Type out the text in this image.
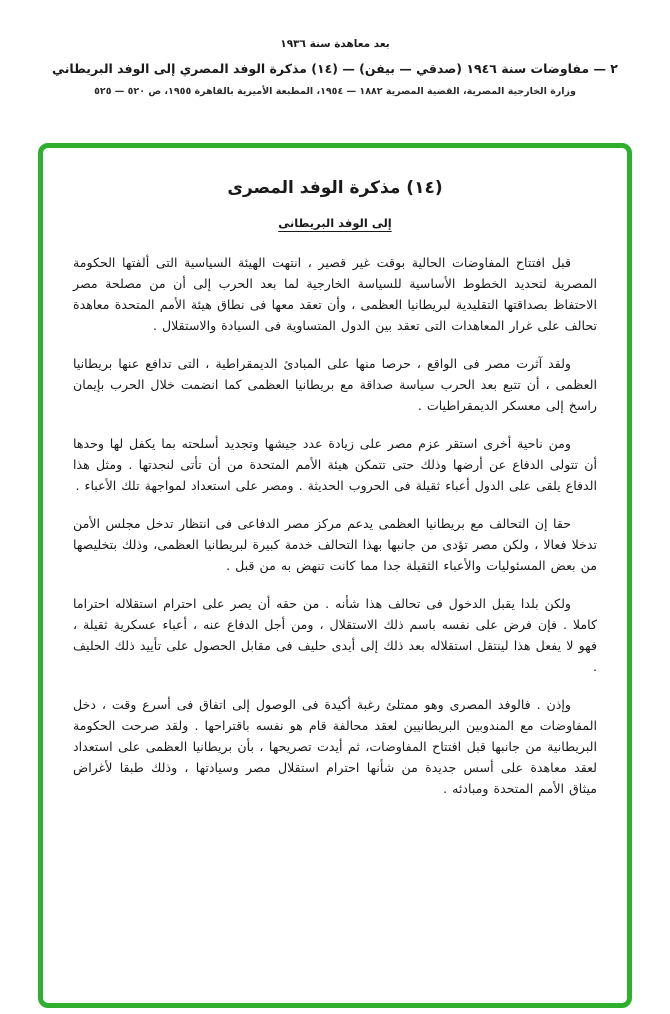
بعد معاهدة سنة ١٩٣٦
٢ — مفاوضات سنة ١٩٤٦ (صدقي — بيفن) — (١٤) مذكرة الوفد المصري إلى الوفد البريطاني
وزارة الخارجية المصرية، القضية المصرية ١٨٨٢ — ١٩٥٤، المطبعة الأميرية بالقاهرة ١٩٥٥، ص ٥٢٠ — ٥٢٥
(١٤) مذكرة الوفد المصرى
إلى الوفد البريطانى

قبل افتتاح المفاوضات الحالية بوقت غير قصير ، انتهت الهيئة السياسية التى ألفتها الحكومة المصرية لتحديد الخطوط الأساسية للسياسة الخارجية لما بعد الحرب إلى أن من مصلحة مصر الاحتفاظ بصداقتها التقليدية لبريطانيا العظمى ، وأن تعقد معها فى نطاق هيئة الأمم المتحدة معاهدة تحالف على غرار المعاهدات التى تعقد بين الدول المتساوية فى السيادة والاستقلال .

ولقد آثرت مصر فى الواقع ، حرصا منها على المبادئ الديمقراطية ، التى تدافع عنها بريطانيا العظمى ، أن تتبع بعد الحرب سياسة صداقة مع بريطانيا العظمى كما انضمت خلال الحرب بإيمان راسخ إلى معسكر الديمقراطيات .

ومن ناحية أخرى استقر عزم مصر على زيادة عدد جيشها وتجديد أسلحته بما يكفل لها وحدها أن تتولى الدفاع عن أرضها وذلك حتى تتمكن هيئة الأمم المتحدة من أن تأتى لنجدتها . ومثل هذا الدفاع يلقى على الدول أعباء ثقيلة فى الحروب الحديثة . ومصر على استعداد لمواجهة تلك الأعباء .

حقا إن التحالف مع بريطانيا العظمى يدعم مركز مصر الدفاعى فى انتظار تدخل مجلس الأمن تدخلا فعالا ، ولكن مصر تؤدى من جانبها بهذا التحالف خدمة كبيرة لبريطانيا العظمى، وذلك بتخليصها من بعض المسئوليات والأعباء الثقيلة جدا مما كانت تنهض به من قبل .

ولكن بلدا يقبل الدخول فى تحالف هذا شأنه . من حقه أن يصر على احترام استقلاله احتراما كاملا . فإن فرض على نفسه باسم ذلك الاستقلال ، ومن أجل الدفاع عنه ، أعباء عسكرية ثقيلة ، فهو لا يفعل هذا لينتقل استقلاله بعد ذلك إلى أيدى حليف فى مقابل الحصول على تأييد ذلك الحليف .

وإذن . فالوفد المصرى وهو ممتلئ رغبة أكيدة فى الوصول إلى اتفاق فى أسرع وقت ، دخل المفاوضات مع المندوبين البريطانيين لعقد محالفة قام هو نفسه باقتراحها . ولقد صرحت الحكومة البريطانية من جانبها قبل افتتاح المفاوضات، ثم أيدت تصريحها ، بأن بريطانيا العظمى على استعداد لعقد معاهدة على أسس جديدة من شأنها احترام استقلال مصر وسيادتها ، وذلك طبقا لأغراض ميثاق الأمم المتحدة ومبادئه .
